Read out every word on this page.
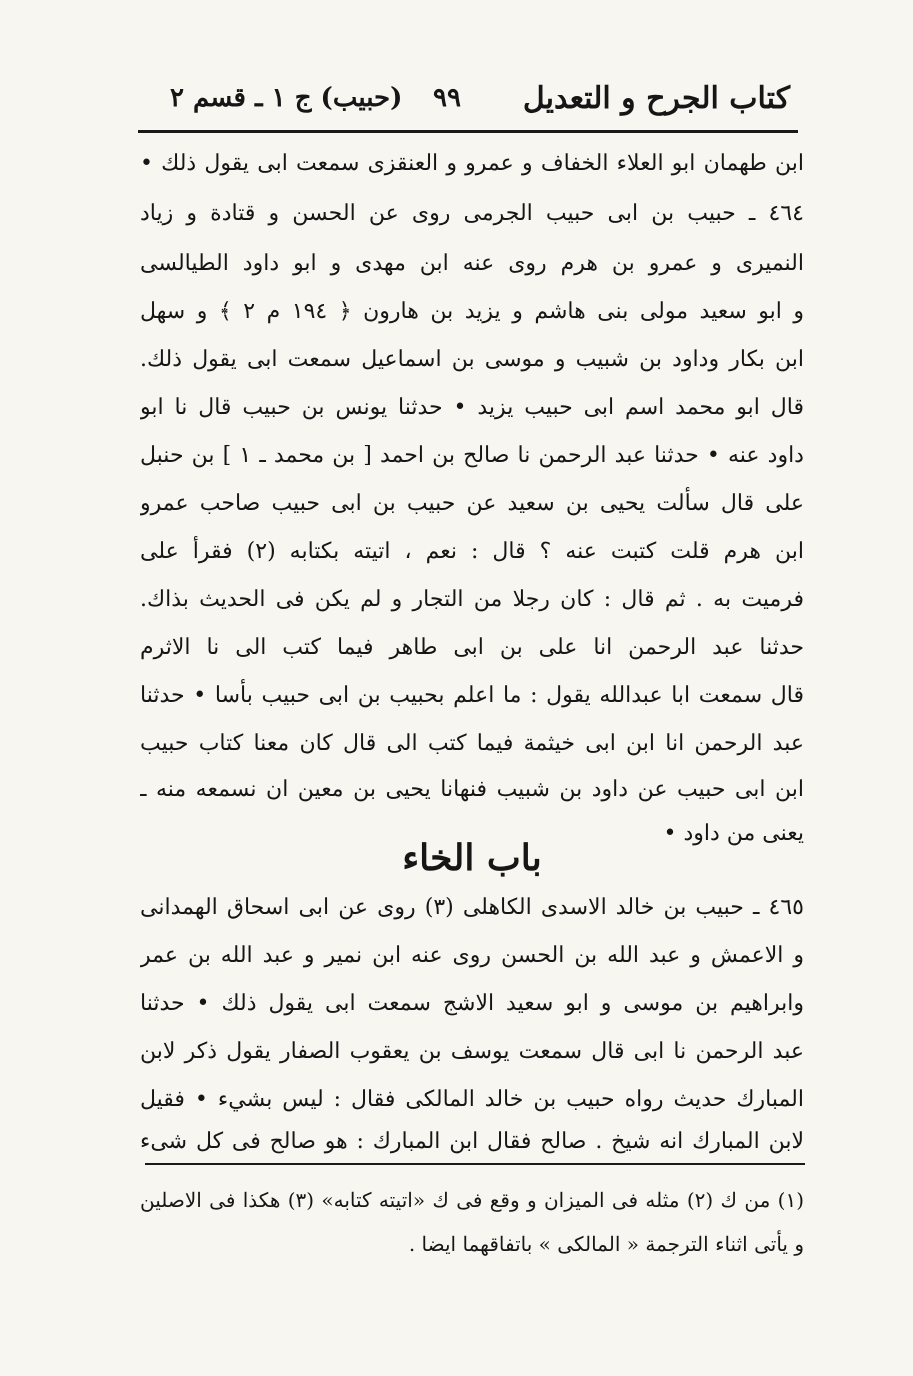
كتاب الجرح و التعديل
٩٩
(حبيب) ج ١ ـ قسم ٢
ابن طهمان ابو العلاء الخفاف و عمرو و العنقزى سمعت ابى يقول ذلك •
٤٦٤ ـ حبيب بن ابى حبيب الجرمى روى عن الحسن و قتادة و زياد
النميرى و عمرو بن هرم روى عنه ابن مهدى و ابو داود الطيالسى
و ابو سعيد مولى بنى هاشم و يزيد بن هارون ﴿ ١٩٤ م ٢ ﴾ و سهل
ابن بكار وداود بن شبيب و موسى بن اسماعيل سمعت ابى يقول ذلك.
قال ابو محمد اسم ابى حبيب يزيد • حدثنا يونس بن حبيب قال نا ابو
داود عنه • حدثنا عبد الرحمن نا صالح بن احمد [ بن محمد ـ ١ ] بن حنبل
على قال سألت يحيى بن سعيد عن حبيب بن ابى حبيب صاحب عمرو
ابن هرم قلت كتبت عنه ؟ قال : نعم ، اتيته بكتابه (٢) فقرأ على
فرميت به . ثم قال : كان رجلا من التجار و لم يكن فى الحديث بذاك.
حدثنا عبد الرحمن انا على بن ابى طاهر فيما كتب الى نا الاثرم
قال سمعت ابا عبدالله يقول : ما اعلم بحبيب بن ابى حبيب بأسا • حدثنا
عبد الرحمن انا ابن ابى خيثمة فيما كتب الى قال كان معنا كتاب حبيب
ابن ابى حبيب عن داود بن شبيب فنهانا يحيى بن معين ان نسمعه منه ـ
يعنى من داود •
باب الخاء
٤٦٥ ـ حبيب بن خالد الاسدى الكاهلى (٣) روى عن ابى اسحاق الهمدانى
و الاعمش و عبد الله بن الحسن روى عنه ابن نمير و عبد الله بن عمر
وابراهيم بن موسى و ابو سعيد الاشج سمعت ابى يقول ذلك • حدثنا
عبد الرحمن نا ابى قال سمعت يوسف بن يعقوب الصفار يقول ذكر لابن
المبارك حديث رواه حبيب بن خالد المالكى فقال : ليس بشيء • فقيل
لابن المبارك انه شيخ . صالح فقال ابن المبارك : هو صالح فى كل شىء
(١) من ك (٢) مثله فى الميزان و وقع فى ك «اتيته كتابه» (٣) هكذا فى الاصلين
و يأتى اثناء الترجمة « المالكى » باتفاقهما ايضا .
